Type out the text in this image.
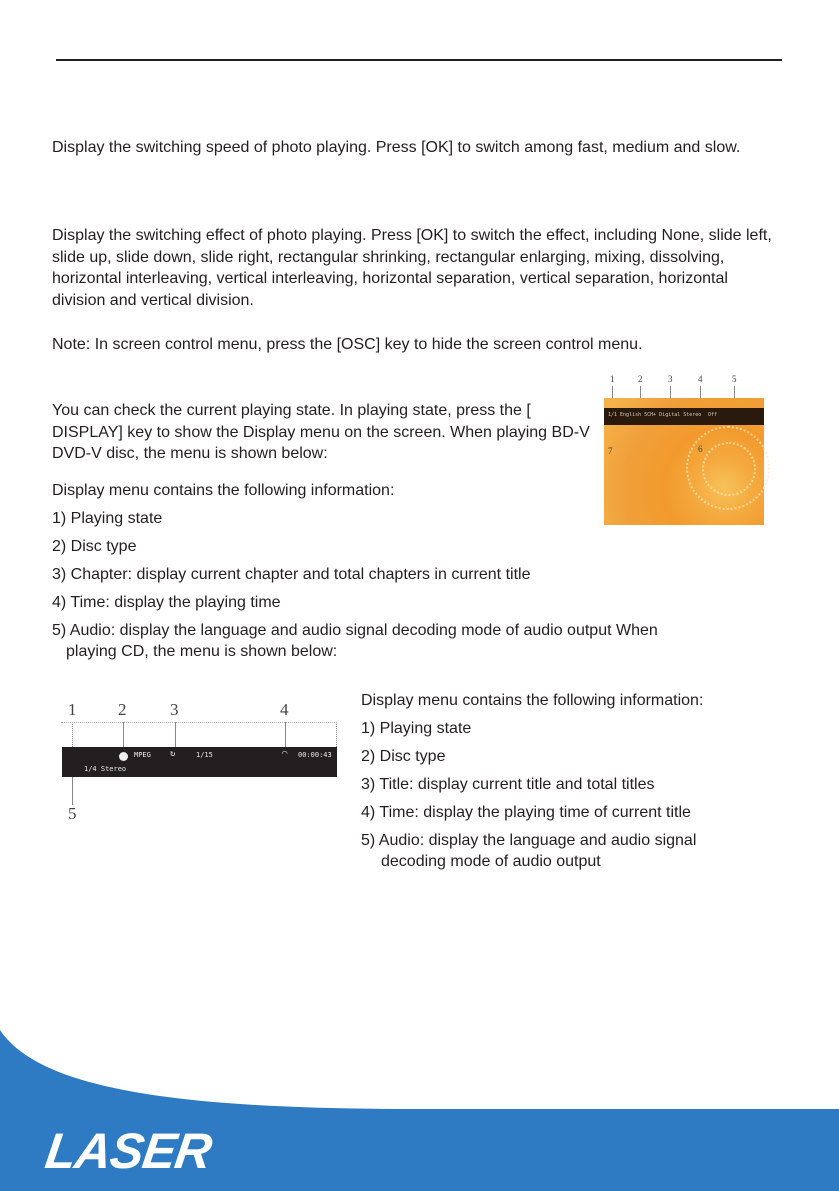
Display the switching speed of photo playing. Press [OK] to switch among fast, medium and slow.

Display the switching effect of photo playing. Press [OK] to switch the effect, including None, slide left, slide up, slide down, slide right, rectangular shrinking, rectangular enlarging, mixing, dissolving, horizontal interleaving, vertical interleaving, horizontal separation, vertical separation, horizontal division and vertical division.

Note: In screen control menu, press the [OSC] key to hide the screen control menu.

You can check the current playing state. In playing state, press the [ DISPLAY] key to show the Display menu on the screen. When playing BD-V DVD-V disc, the menu is shown below:

1	2	3	4	5
1/1 English 5CH+ Digital Stereo Off
6
7
Display menu contains the following information:
1) Playing state
2) Disc type
3) Chapter: display current chapter and total chapters in current title
4) Time: display the playing time
5) Audio: display the language and audio signal decoding mode of audio output When
playing CD, the menu is shown below:
1 2	3	4
MPEG ↻	1/15	◠ 00:00:43
1/4 Stereo
5
Display menu contains the following information:
1) Playing state
2) Disc type
3) Title: display current title and total titles
4) Time: display the playing time of current title
5) Audio: display the language and audio signal
decoding mode of audio output
LASER
